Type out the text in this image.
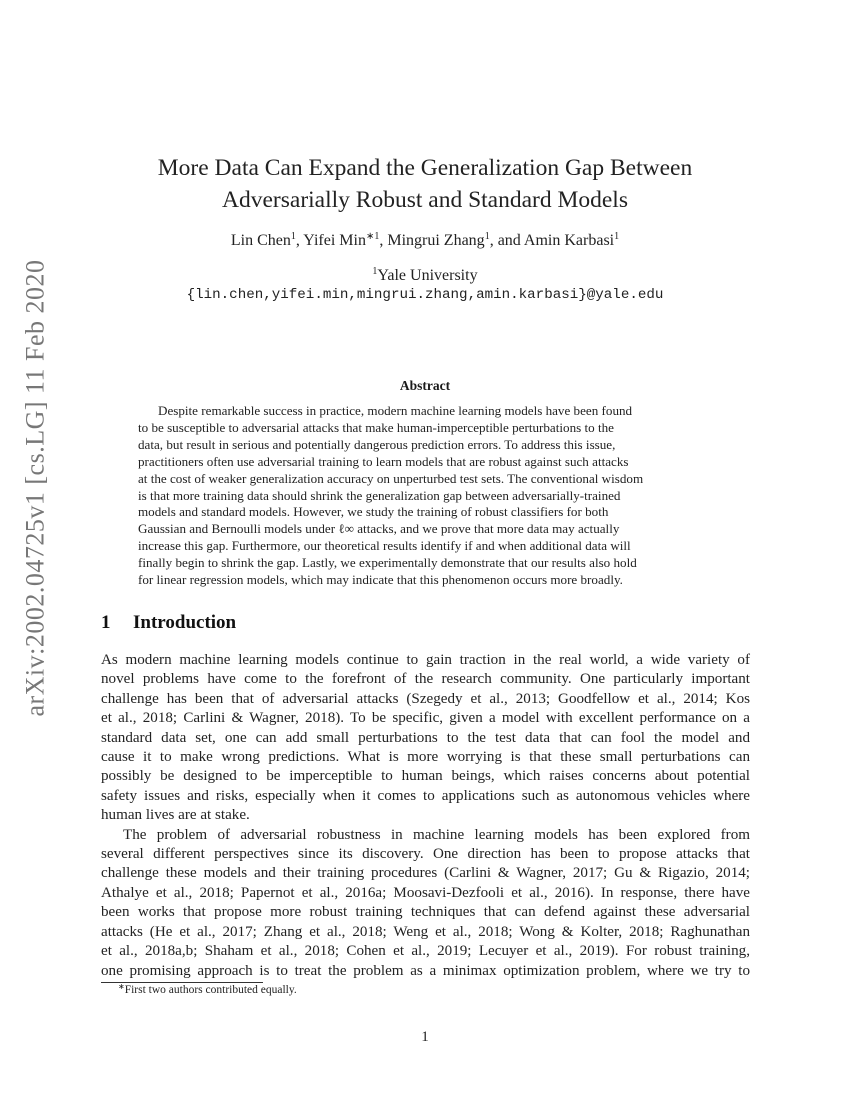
arXiv:2002.04725v1 [cs.LG] 11 Feb 2020
More Data Can Expand the Generalization Gap Between
Adversarially Robust and Standard Models
Lin Chen$^1$, Yifei Min$^{∗1}$, Mingrui Zhang$^1$, and Amin Karbasi$^1$
$^1$Yale University
{lin.chen,yifei.min,mingrui.zhang,amin.karbasi}@yale.edu
Abstract
Despite remarkable success in practice, modern machine learning models have been found
to be susceptible to adversarial attacks that make human-imperceptible perturbations to the
data, but result in serious and potentially dangerous prediction errors. To address this issue,
practitioners often use adversarial training to learn models that are robust against such attacks
at the cost of weaker generalization accuracy on unperturbed test sets. The conventional wisdom
is that more training data should shrink the generalization gap between adversarially-trained
models and standard models. However, we study the training of robust classifiers for both
Gaussian and Bernoulli models under ℓ∞ attacks, and we prove that more data may actually
increase this gap. Furthermore, our theoretical results identify if and when additional data will
finally begin to shrink the gap. Lastly, we experimentally demonstrate that our results also hold
for linear regression models, which may indicate that this phenomenon occurs more broadly.
1 Introduction
As modern machine learning models continue to gain traction in the real world, a wide variety of
novel problems have come to the forefront of the research community. One particularly important
challenge has been that of adversarial attacks (Szegedy et al., 2013; Goodfellow et al., 2014; Kos
et al., 2018; Carlini & Wagner, 2018). To be specific, given a model with excellent performance on a
standard data set, one can add small perturbations to the test data that can fool the model and
cause it to make wrong predictions. What is more worrying is that these small perturbations can
possibly be designed to be imperceptible to human beings, which raises concerns about potential
safety issues and risks, especially when it comes to applications such as autonomous vehicles where
human lives are at stake.
The problem of adversarial robustness in machine learning models has been explored from
several different perspectives since its discovery. One direction has been to propose attacks that
challenge these models and their training procedures (Carlini & Wagner, 2017; Gu & Rigazio, 2014;
Athalye et al., 2018; Papernot et al., 2016a; Moosavi-Dezfooli et al., 2016). In response, there have
been works that propose more robust training techniques that can defend against these adversarial
attacks (He et al., 2017; Zhang et al., 2018; Weng et al., 2018; Wong & Kolter, 2018; Raghunathan
et al., 2018a,b; Shaham et al., 2018; Cohen et al., 2019; Lecuyer et al., 2019). For robust training,
one promising approach is to treat the problem as a minimax optimization problem, where we try to
∗First two authors contributed equally.
1
